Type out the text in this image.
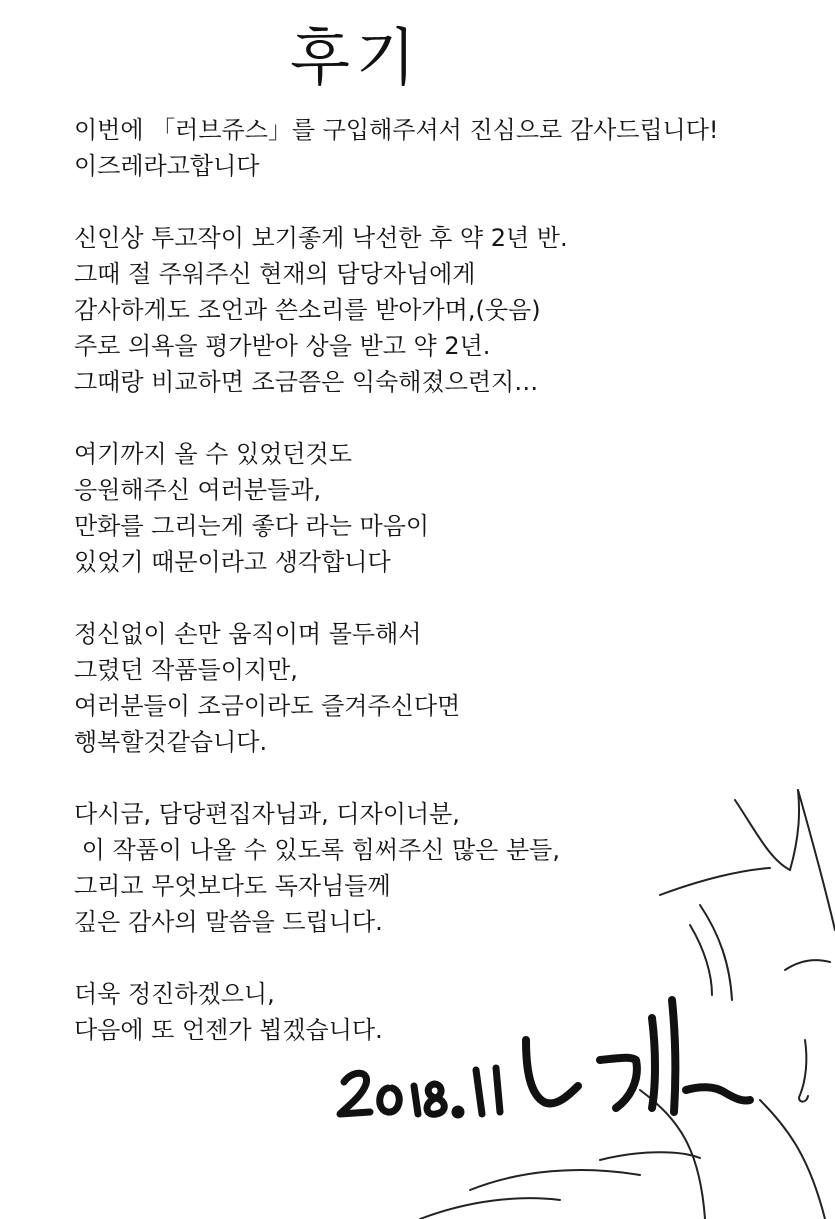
후기
이번에 「러브쥬스」를 구입해주셔서 진심으로 감사드립니다!
이즈레라고합니다
신인상 투고작이 보기좋게 낙선한 후 약 2년 반.
그때 절 주워주신 현재의 담당자님에게
감사하게도 조언과 쓴소리를 받아가며,(웃음)
주로 의욕을 평가받아 상을 받고 약 2년.
그때랑 비교하면 조금쯤은 익숙해졌으련지…
여기까지 올 수 있었던것도
응원해주신 여러분들과,
만화를 그리는게 좋다 라는 마음이
있었기 때문이라고 생각합니다
정신없이 손만 움직이며 몰두해서
그렸던 작품들이지만,
여러분들이 조금이라도 즐겨주신다면
행복할것같습니다.
다시금, 담당편집자님과, 디자이너분,
이 작품이 나올 수 있도록 힘써주신 많은 분들,
그리고 무엇보다도 독자님들께
깊은 감사의 말씀을 드립니다.
더욱 정진하겠으니,
다음에 또 언젠가 뵙겠습니다.
